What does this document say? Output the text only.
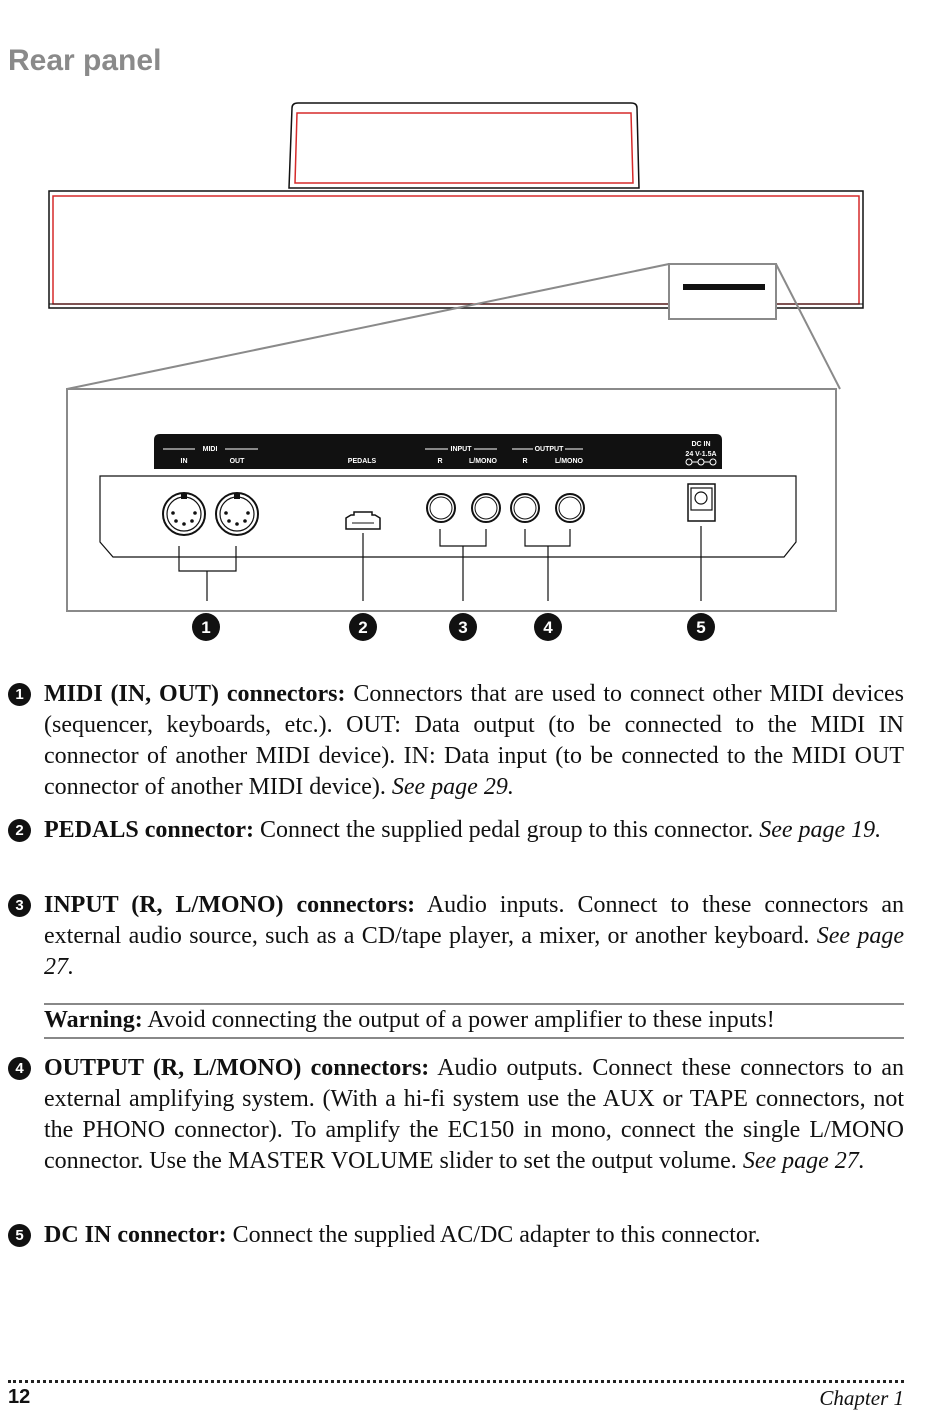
Rear panel
MIDI
IN	OUT	PEDALS
INPUT
R	L/MONO
OUTPUT
R	L/MONO
DC IN
24 V-1.5A
1	2	3	4	5
1 MIDI (IN, OUT) connectors: Connectors that are used to connect other MIDI devices (sequencer, keyboards, etc.). OUT: Data output (to be connected to the MIDI IN connector of another MIDI device). IN: Data input (to be connected to the MIDI OUT connector of another MIDI device). See page 29.
2 PEDALS connector: Connect the supplied pedal group to this connector. See page 19.
3 INPUT (R, L/MONO) connectors: Audio inputs. Connect to these connectors an external audio source, such as a CD/tape player, a mixer, or another keyboard. See page 27.
Warning: Avoid connecting the output of a power amplifier to these inputs!
4 OUTPUT (R, L/MONO) connectors: Audio outputs. Connect these connectors to an external amplifying system. (With a hi-fi system use the AUX or TAPE connectors, not the PHONO connector). To amplify the EC150 in mono, connect the single L/MONO connector. Use the MASTER VOLUME slider to set the output volume. See page 27.
5 DC IN connector: Connect the supplied AC/DC adapter to this connector.
12	Chapter 1
